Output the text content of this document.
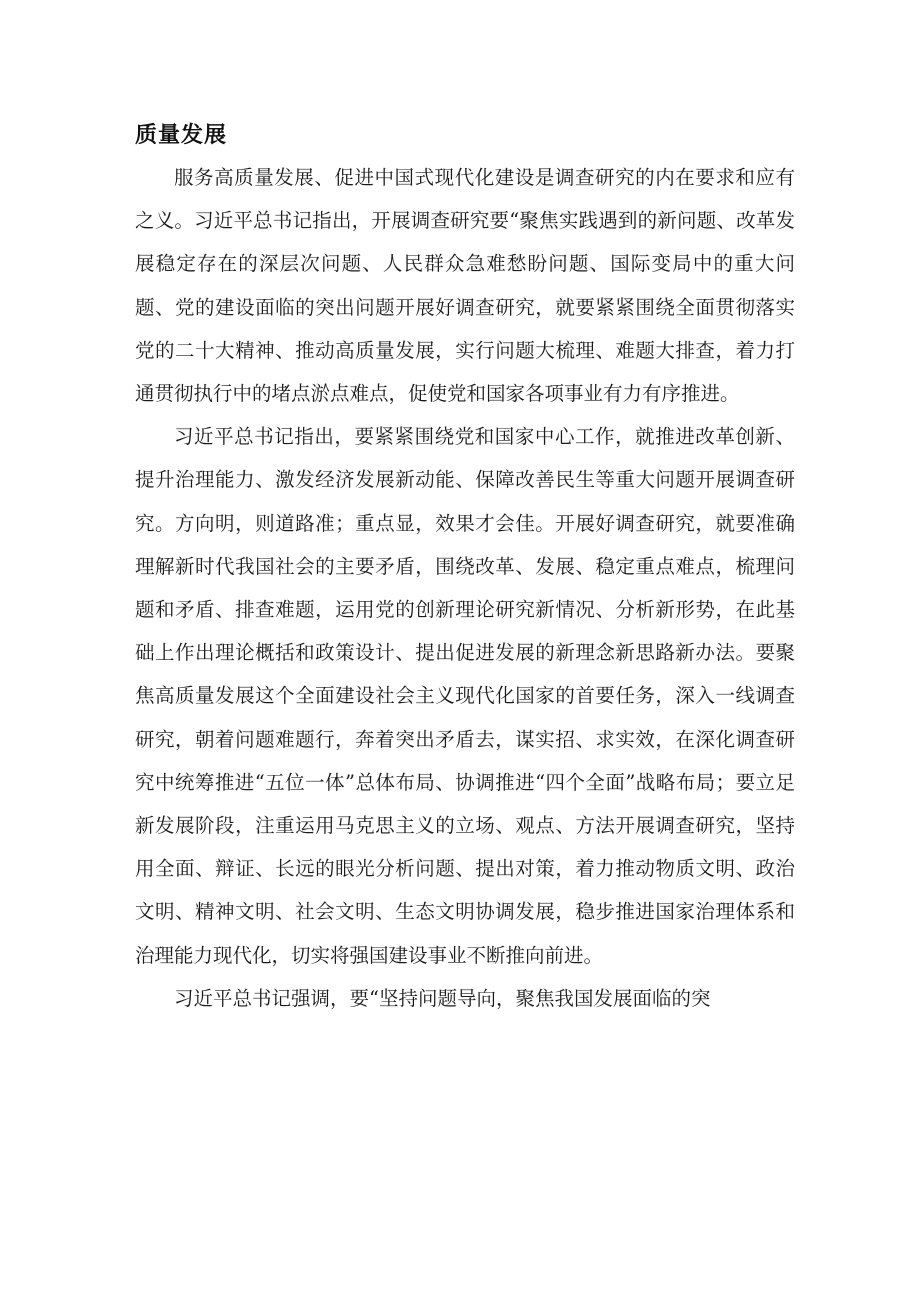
质量发展

服务高质量发展、促进中国式现代化建设是调查研究的内在要求和应有之义。习近平总书记指出，开展调查研究要“聚焦实践遇到的新问题、改革发展稳定存在的深层次问题、人民群众急难愁盼问题、国际变局中的重大问题、党的建设面临的突出问题开展好调查研究，就要紧紧围绕全面贯彻落实党的二十大精神、推动高质量发展，实行问题大梳理、难题大排查，着力打通贯彻执行中的堵点淤点难点，促使党和国家各项事业有力有序推进。

习近平总书记指出，要紧紧围绕党和国家中心工作，就推进改革创新、提升治理能力、激发经济发展新动能、保障改善民生等重大问题开展调查研究。方向明，则道路准；重点显，效果才会佳。开展好调查研究，就要准确理解新时代我国社会的主要矛盾，围绕改革、发展、稳定重点难点，梳理问题和矛盾、排查难题，运用党的创新理论研究新情况、分析新形势，在此基础上作出理论概括和政策设计、提出促进发展的新理念新思路新办法。要聚焦高质量发展这个全面建设社会主义现代化国家的首要任务，深入一线调查研究，朝着问题难题行，奔着突出矛盾去，谋实招、求实效，在深化调查研究中统筹推进“五位一体”总体布局、协调推进“四个全面”战略布局；要立足新发展阶段，注重运用马克思主义的立场、观点、方法开展调查研究，坚持用全面、辩证、长远的眼光分析问题、提出对策，着力推动物质文明、政治文明、精神文明、社会文明、生态文明协调发展，稳步推进国家治理体系和治理能力现代化，切实将强国建设事业不断推向前进。

习近平总书记强调，要“坚持问题导向，聚焦我国发展面临的突
